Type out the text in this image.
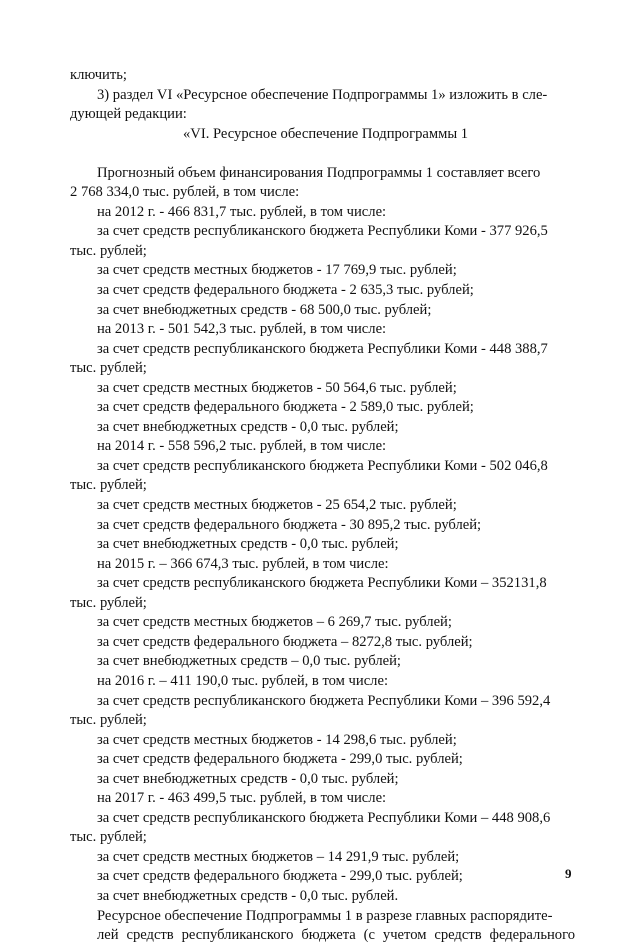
ключить;
3) раздел VI «Ресурсное обеспечение Подпрограммы 1» изложить в сле-
дующей редакции:
«VI. Ресурсное обеспечение Подпрограммы 1
Прогнозный объем финансирования Подпрограммы 1 составляет всего
2 768 334,0 тыс. рублей, в том числе:
на 2012 г. - 466 831,7 тыс. рублей, в том числе:
за счет средств республиканского бюджета Республики Коми - 377 926,5
тыс. рублей;
за счет средств местных бюджетов - 17 769,9 тыс. рублей;
за счет средств федерального бюджета - 2 635,3 тыс. рублей;
за счет внебюджетных средств - 68 500,0 тыс. рублей;
на 2013 г. - 501 542,3 тыс. рублей, в том числе:
за счет средств республиканского бюджета Республики Коми - 448 388,7
тыс. рублей;
за счет средств местных бюджетов - 50 564,6 тыс. рублей;
за счет средств федерального бюджета - 2 589,0 тыс. рублей;
за счет внебюджетных средств - 0,0 тыс. рублей;
на 2014 г. - 558 596,2 тыс. рублей, в том числе:
за счет средств республиканского бюджета Республики Коми - 502 046,8
тыс. рублей;
за счет средств местных бюджетов - 25 654,2 тыс. рублей;
за счет средств федерального бюджета - 30 895,2 тыс. рублей;
за счет внебюджетных средств - 0,0 тыс. рублей;
на 2015 г. – 366 674,3 тыс. рублей, в том числе:
за счет средств республиканского бюджета Республики Коми – 352131,8
тыс. рублей;
за счет средств местных бюджетов – 6 269,7 тыс. рублей;
за счет средств федерального бюджета – 8272,8 тыс. рублей;
за счет внебюджетных средств – 0,0 тыс. рублей;
на 2016 г. – 411 190,0 тыс. рублей, в том числе:
за счет средств республиканского бюджета Республики Коми – 396 592,4
тыс. рублей;
за счет средств местных бюджетов - 14 298,6 тыс. рублей;
за счет средств федерального бюджета - 299,0 тыс. рублей;
за счет внебюджетных средств - 0,0 тыс. рублей;
на 2017 г. - 463 499,5 тыс. рублей, в том числе:
за счет средств республиканского бюджета Республики Коми – 448 908,6
тыс. рублей;
за счет средств местных бюджетов – 14 291,9 тыс. рублей;
за счет средств федерального бюджета - 299,0 тыс. рублей;
за счет внебюджетных средств - 0,0 тыс. рублей.
Ресурсное обеспечение Подпрограммы 1 в разрезе главных распорядите-
лей средств республиканского бюджета (с учетом средств федерального
9
